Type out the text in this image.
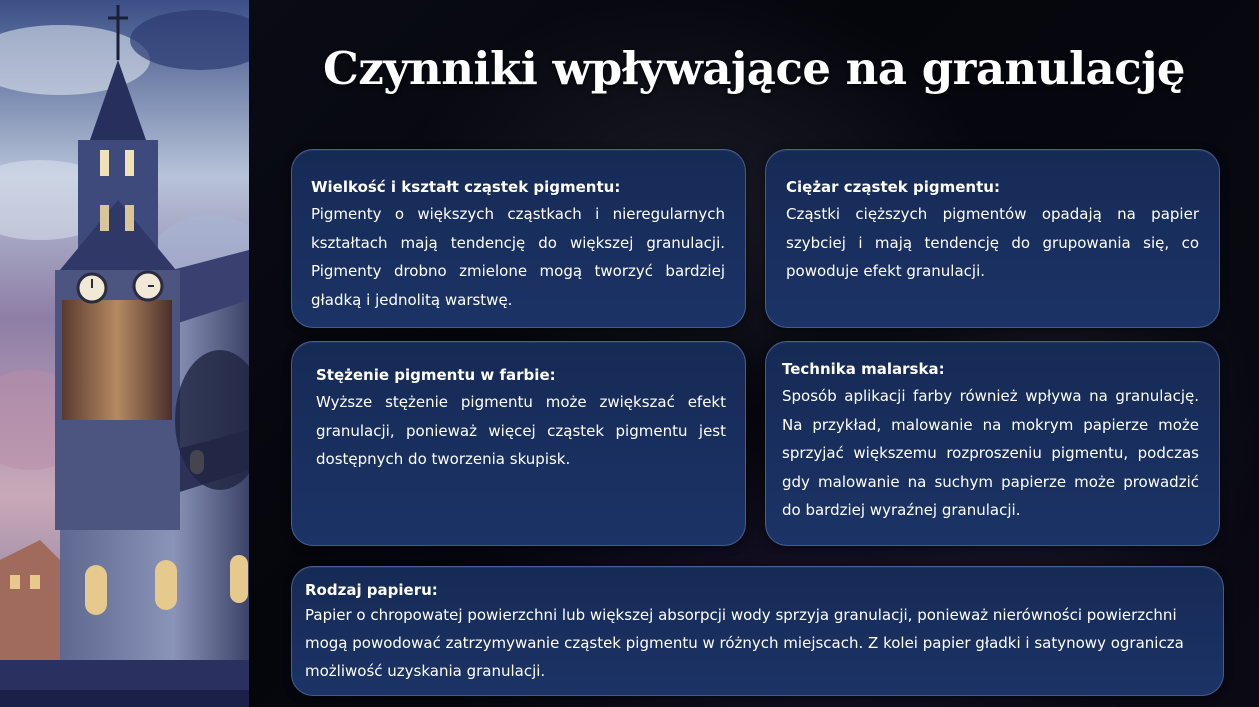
Czynniki wpływające na granulację

Wielkość i kształt cząstek pigmentu:

Pigmenty o większych cząstkach i nieregularnych kształtach mają tendencję do większej granulacji. Pigmenty drobno zmielone mogą tworzyć bardziej gładką i jednolitą warstwę.

Ciężar cząstek pigmentu:

Cząstki cięższych pigmentów opadają na papier szybciej i mają tendencję do grupowania się, co powoduje efekt granulacji.

Stężenie pigmentu w farbie:

Wyższe stężenie pigmentu może zwiększać efekt granulacji, ponieważ więcej cząstek pigmentu jest dostępnych do tworzenia skupisk.

Technika malarska:

Sposób aplikacji farby również wpływa na granulację. Na przykład, malowanie na mokrym papierze może sprzyjać większemu rozproszeniu pigmentu, podczas gdy malowanie na suchym papierze może prowadzić do bardziej wyraźnej granulacji.

Rodzaj papieru:

Papier o chropowatej powierzchni lub większej absorpcji wody sprzyja granulacji, ponieważ nierówności powierzchni mogą powodować zatrzymywanie cząstek pigmentu w różnych miejscach. Z kolei papier gładki i satynowy ogranicza możliwość uzyskania granulacji.
